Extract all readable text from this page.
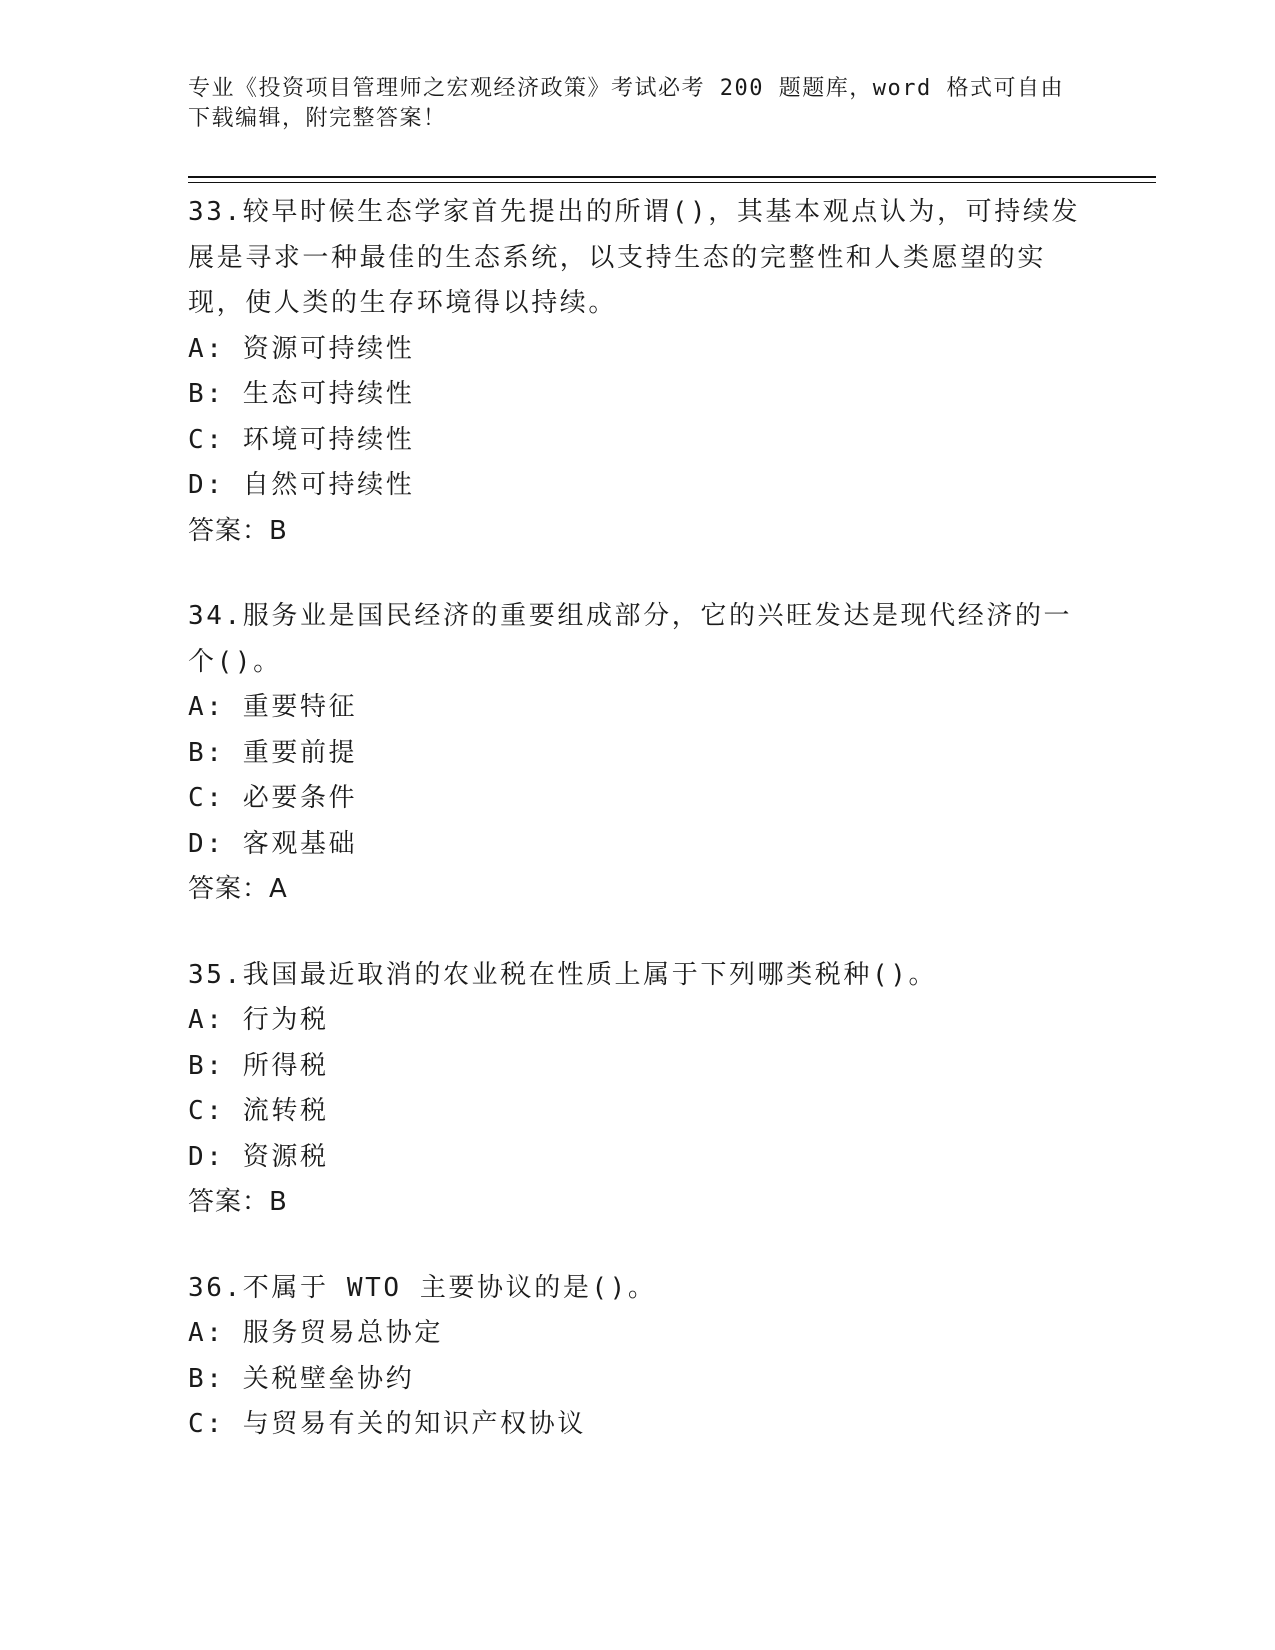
专业《投资项目管理师之宏观经济政策》考试必考 200 题题库，word 格式可自由
下载编辑，附完整答案！
33.较早时候生态学家首先提出的所谓()，其基本观点认为，可持续发展是寻求一种最佳的生态系统，以支持生态的完整性和人类愿望的实现，使人类的生存环境得以持续。
A: 资源可持续性
B: 生态可持续性
C: 环境可持续性
D: 自然可持续性
答案：B
34.服务业是国民经济的重要组成部分，它的兴旺发达是现代经济的一个()。
A: 重要特征
B: 重要前提
C: 必要条件
D: 客观基础
答案：A
35.我国最近取消的农业税在性质上属于下列哪类税种()。
A: 行为税
B: 所得税
C: 流转税
D: 资源税
答案：B
36.不属于 WTO 主要协议的是()。
A: 服务贸易总协定
B: 关税壁垒协约
C: 与贸易有关的知识产权协议
